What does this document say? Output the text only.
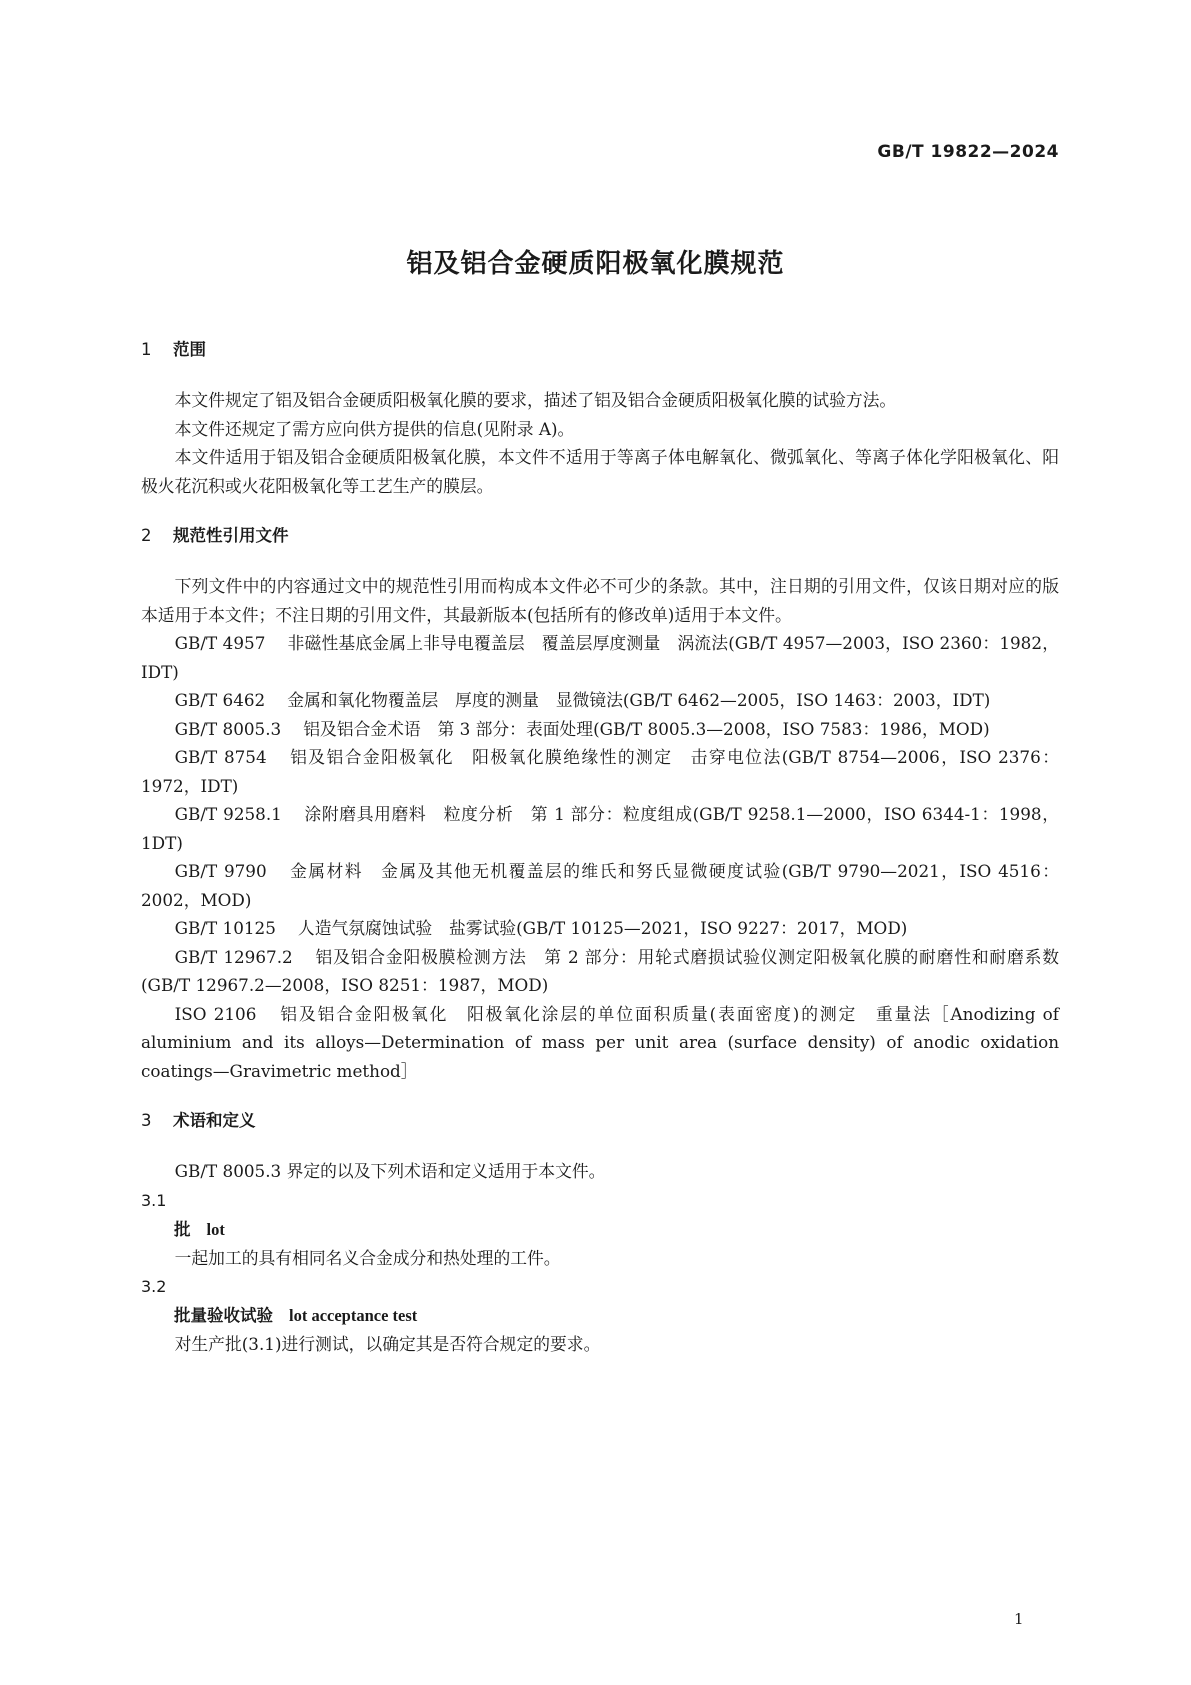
GB/T 19822—2024
铝及铝合金硬质阳极氧化膜规范
1 范围
本文件规定了铝及铝合金硬质阳极氧化膜的要求，描述了铝及铝合金硬质阳极氧化膜的试验方法。
本文件还规定了需方应向供方提供的信息(见附录 A)。
本文件适用于铝及铝合金硬质阳极氧化膜，本文件不适用于等离子体电解氧化、微弧氧化、等离子体化学阳极氧化、阳极火花沉积或火花阳极氧化等工艺生产的膜层。
2 规范性引用文件
下列文件中的内容通过文中的规范性引用而构成本文件必不可少的条款。其中，注日期的引用文件，仅该日期对应的版本适用于本文件；不注日期的引用文件，其最新版本(包括所有的修改单)适用于本文件。
GB/T 4957 非磁性基底金属上非导电覆盖层　覆盖层厚度测量　涡流法(GB/T 4957—2003，ISO 2360：1982，IDT)
GB/T 6462 金属和氧化物覆盖层　厚度的测量　显微镜法(GB/T 6462—2005，ISO 1463：2003，IDT)
GB/T 8005.3 铝及铝合金术语　第 3 部分：表面处理(GB/T 8005.3—2008，ISO 7583：1986，MOD)
GB/T 8754 铝及铝合金阳极氧化　阳极氧化膜绝缘性的测定　击穿电位法(GB/T 8754—2006，ISO 2376：1972，IDT)
GB/T 9258.1 涂附磨具用磨料　粒度分析　第 1 部分：粒度组成(GB/T 9258.1—2000，ISO 6344-1：1998，1DT)
GB/T 9790 金属材料　金属及其他无机覆盖层的维氏和努氏显微硬度试验(GB/T 9790—2021，ISO 4516：2002，MOD)
GB/T 10125 人造气氛腐蚀试验　盐雾试验(GB/T 10125—2021，ISO 9227：2017，MOD)
GB/T 12967.2 铝及铝合金阳极膜检测方法　第 2 部分：用轮式磨损试验仪测定阳极氧化膜的耐磨性和耐磨系数(GB/T 12967.2—2008，ISO 8251：1987，MOD)
ISO 2106 铝及铝合金阳极氧化　阳极氧化涂层的单位面积质量(表面密度)的测定　重量法［Anodizing of aluminium and its alloys—Determination of mass per unit area (surface density) of anodic oxidation coatings—Gravimetric method］
3 术语和定义
GB/T 8005.3 界定的以及下列术语和定义适用于本文件。
3.1
批 lot
一起加工的具有相同名义合金成分和热处理的工件。
3.2
批量验收试验 lot acceptance test
对生产批(3.1)进行测试，以确定其是否符合规定的要求。
1
